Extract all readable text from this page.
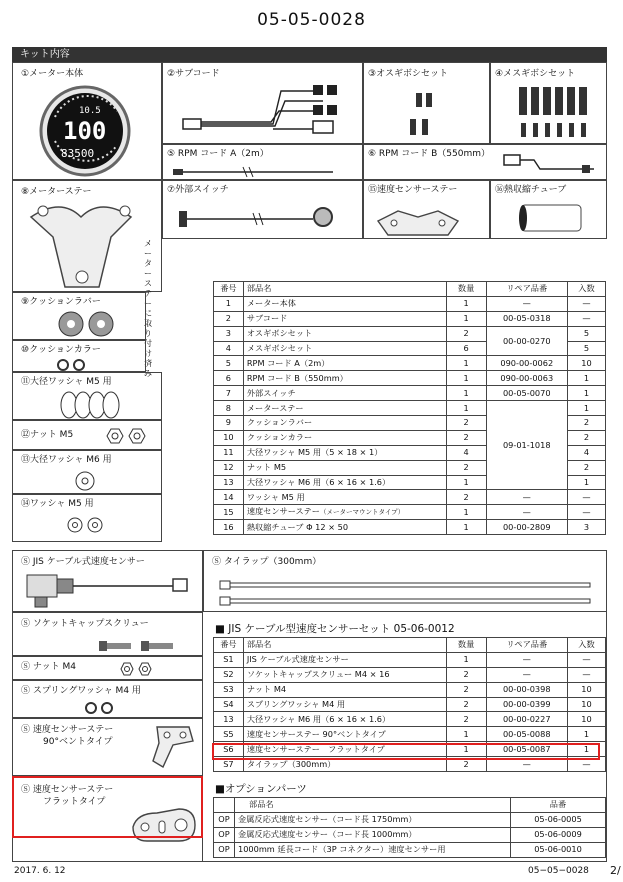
05-05-0028
キット内容
①メーター本体
10.5
100
83500
②サブコード	③オスギボシセット	④メスギボシセット
⑤ RPM コード A（2m）	⑥ RPM コード B（550mm）
⑧メーターステー
メーターステーに取り付け済み
⑦外部スイッチ	⑮速度センサーステー	⑯熱収縮チューブ
⑨クッションラバー
⑩クッションカラー
⑪大径ワッシャ M5 用
⑫ナット M5
⑬大径ワッシャ M6 用
⑭ワッシャ M5 用
番号	部品名	数量	リペア品番	入数
1	メーター本体	1	—	—
2	サブコード	1	00-05-0318	—
3	オスギボシセット	2	00-00-0270	5
4	メスギボシセット	6		5
5	RPM コード A（2m）	1	090-00-0062	10
6	RPM コード B（550mm）	1	090-00-0063	1
7	外部スイッチ	1	00-05-0070	1
8	メーターステー	1	09-01-1018	1
9	クッションラバー	2		2
10	クッションカラー	2		2
11	大径ワッシャ M5 用（5 × 18 × 1）	4		4
12	ナット M5	2		2
13	大径ワッシャ M6 用（6 × 16 × 1.6）	1		1
14	ワッシャ M5 用	2	—	—
15	速度センサーステー（メーターマウントタイプ）	1	—	—
16	熱収縮チューブ Φ 12 × 50	1	00-00-2809	3
Ⓢ JIS ケーブル式速度センサー	Ⓢ タイラップ（300mm）
Ⓢ ソケットキャップスクリュー
Ⓢ ナット M4
Ⓢ スプリングワッシャ M4 用
Ⓢ 速度センサーステー
90°ベントタイプ
Ⓢ 速度センサーステー
フラットタイプ
■ JIS ケーブル型速度センサーセット 05-06-0012
番号	部品名	数量	リペア品番	入数
S1	JIS ケーブル式速度センサー	1	—	—
S2	ソケットキャップスクリュー M4 × 16	2	—	—
S3	ナット M4	2	00-00-0398	10
S4	スプリングワッシャ M4 用	2	00-00-0399	10
13	大径ワッシャ M6 用（6 × 16 × 1.6）	2	00-00-0227	10
S5	速度センサーステー 90°ベントタイプ	1	00-05-0088	1
S6	速度センサーステー　フラットタイプ	1	00-05-0087	1
S7	タイラップ（300mm）	2	—	—
■オプションパーツ
	部品名	品番
OP	金属反応式速度センサー（コード長 1750mm）	05-06-0005
OP	金属反応式速度センサー（コード長 1000mm）	05-06-0009
OP	1000mm 延長コード（3P コネクター）速度センサー用	05-06-0010
2017. 6. 12	05−05−0028 2/
